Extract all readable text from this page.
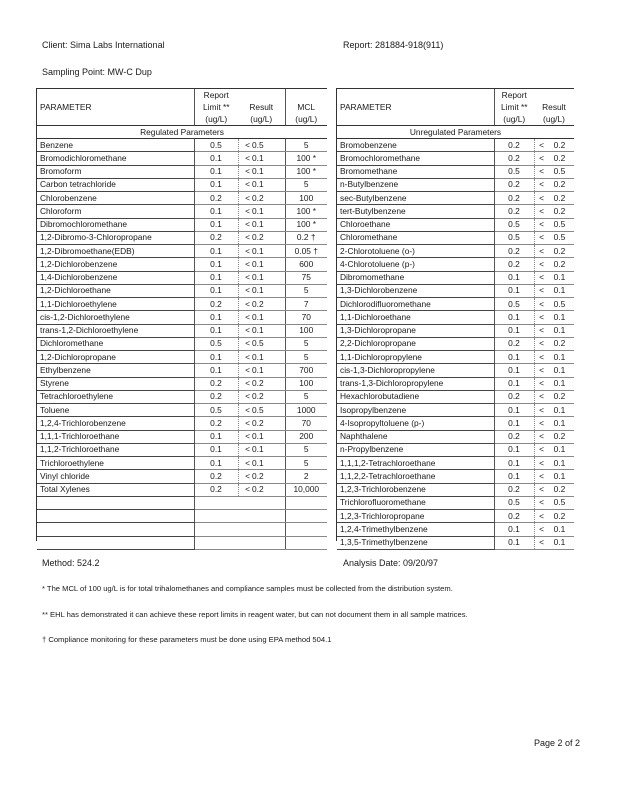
Client: Sima Labs International	Report: 281884-918(911)
Sampling Point: MW-C Dup
	Report			
PARAMETER	Limit **	Result		MCL
	(ug/L)	(ug/L)		(ug/L)
Regulated Parameters				
Benzene	0.5	<	0.5	5
Bromodichloromethane	0.1	<	0.1	100 *
Bromoform	0.1	<	0.1	100 *
Carbon tetrachloride	0.1	<	0.1	5
Chlorobenzene	0.2	<	0.2	100
Chloroform	0.1	<	0.1	100 *
Dibromochloromethane	0.1	<	0.1	100 *
1,2-Dibromo-3-Chloropropane	0.2	<	0.2	0.2 †
1,2-Dibromoethane(EDB)	0.1	<	0.1	0.05 †
1,2-Dichlorobenzene	0.1	<	0.1	600
1,4-Dichlorobenzene	0.1	<	0.1	75
1,2-Dichloroethane	0.1	<	0.1	5
1,1-Dichloroethylene	0.2	<	0.2	7
cis-1,2-Dichloroethylene	0.1	<	0.1	70
trans-1,2-Dichloroethylene	0.1	<	0.1	100
Dichloromethane	0.5	<	0.5	5
1,2-Dichloropropane	0.1	<	0.1	5
Ethylbenzene	0.1	<	0.1	700
Styrene	0.2	<	0.2	100
Tetrachloroethylene	0.2	<	0.2	5
Toluene	0.5	<	0.5	1000
1,2,4-Trichlorobenzene	0.2	<	0.2	70
1,1,1-Trichloroethane	0.1	<	0.1	200
1,1,2-Trichloroethane	0.1	<	0.1	5
Trichloroethylene	0.1	<	0.1	5
Vinyl chloride	0.2	<	0.2	2
Total Xylenes	0.2	<	0.2	10,000

	Report		
PARAMETER	Limit **	Result	
	(ug/L)	(ug/L)	
Unregulated Parameters			
Bromobenzene	0.2	<	0.2
Bromochloromethane	0.2	<	0.2
Bromomethane	0.5	<	0.5
n-Butylbenzene	0.2	<	0.2
sec-Butylbenzene	0.2	<	0.2
tert-Butylbenzene	0.2	<	0.2
Chloroethane	0.5	<	0.5
Chloromethane	0.5	<	0.5
2-Chlorotoluene (o-)	0.2	<	0.2
4-Chlorotoluene (p-)	0.2	<	0.2
Dibromomethane	0.1	<	0.1
1,3-Dichlorobenzene	0.1	<	0.1
Dichlorodifluoromethane	0.5	<	0.5
1,1-Dichloroethane	0.1	<	0.1
1,3-Dichloropropane	0.1	<	0.1
2,2-Dichloropropane	0.2	<	0.2
1,1-Dichloropropylene	0.1	<	0.1
cis-1,3-Dichloropropylene	0.1	<	0.1
trans-1,3-Dichloropropylene	0.1	<	0.1
Hexachlorobutadiene	0.2	<	0.2
Isopropylbenzene	0.1	<	0.1
4-Isopropyltoluene (p-)	0.1	<	0.1
Naphthalene	0.2	<	0.2
n-Propylbenzene	0.1	<	0.1
1,1,1,2-Tetrachloroethane	0.1	<	0.1
1,1,2,2-Tetrachloroethane	0.1	<	0.1
1,2,3-Trichlorobenzene	0.2	<	0.2
Trichlorofluoromethane	0.5	<	0.5
1,2,3-Trichloropropane	0.2	<	0.2
1,2,4-Trimethylbenzene	0.1	<	0.1
1,3,5-Trimethylbenzene	0.1	<	0.1
Method: 524.2	Analysis Date: 09/20/97
* The MCL of 100 ug/L is for total trihalomethanes and compliance samples must be collected from the distribution system.
** EHL has demonstrated it can achieve these report limits in reagent water, but can not document them in all sample matrices.
† Compliance monitoring for these parameters must be done using EPA method 504.1
Page 2 of 2
